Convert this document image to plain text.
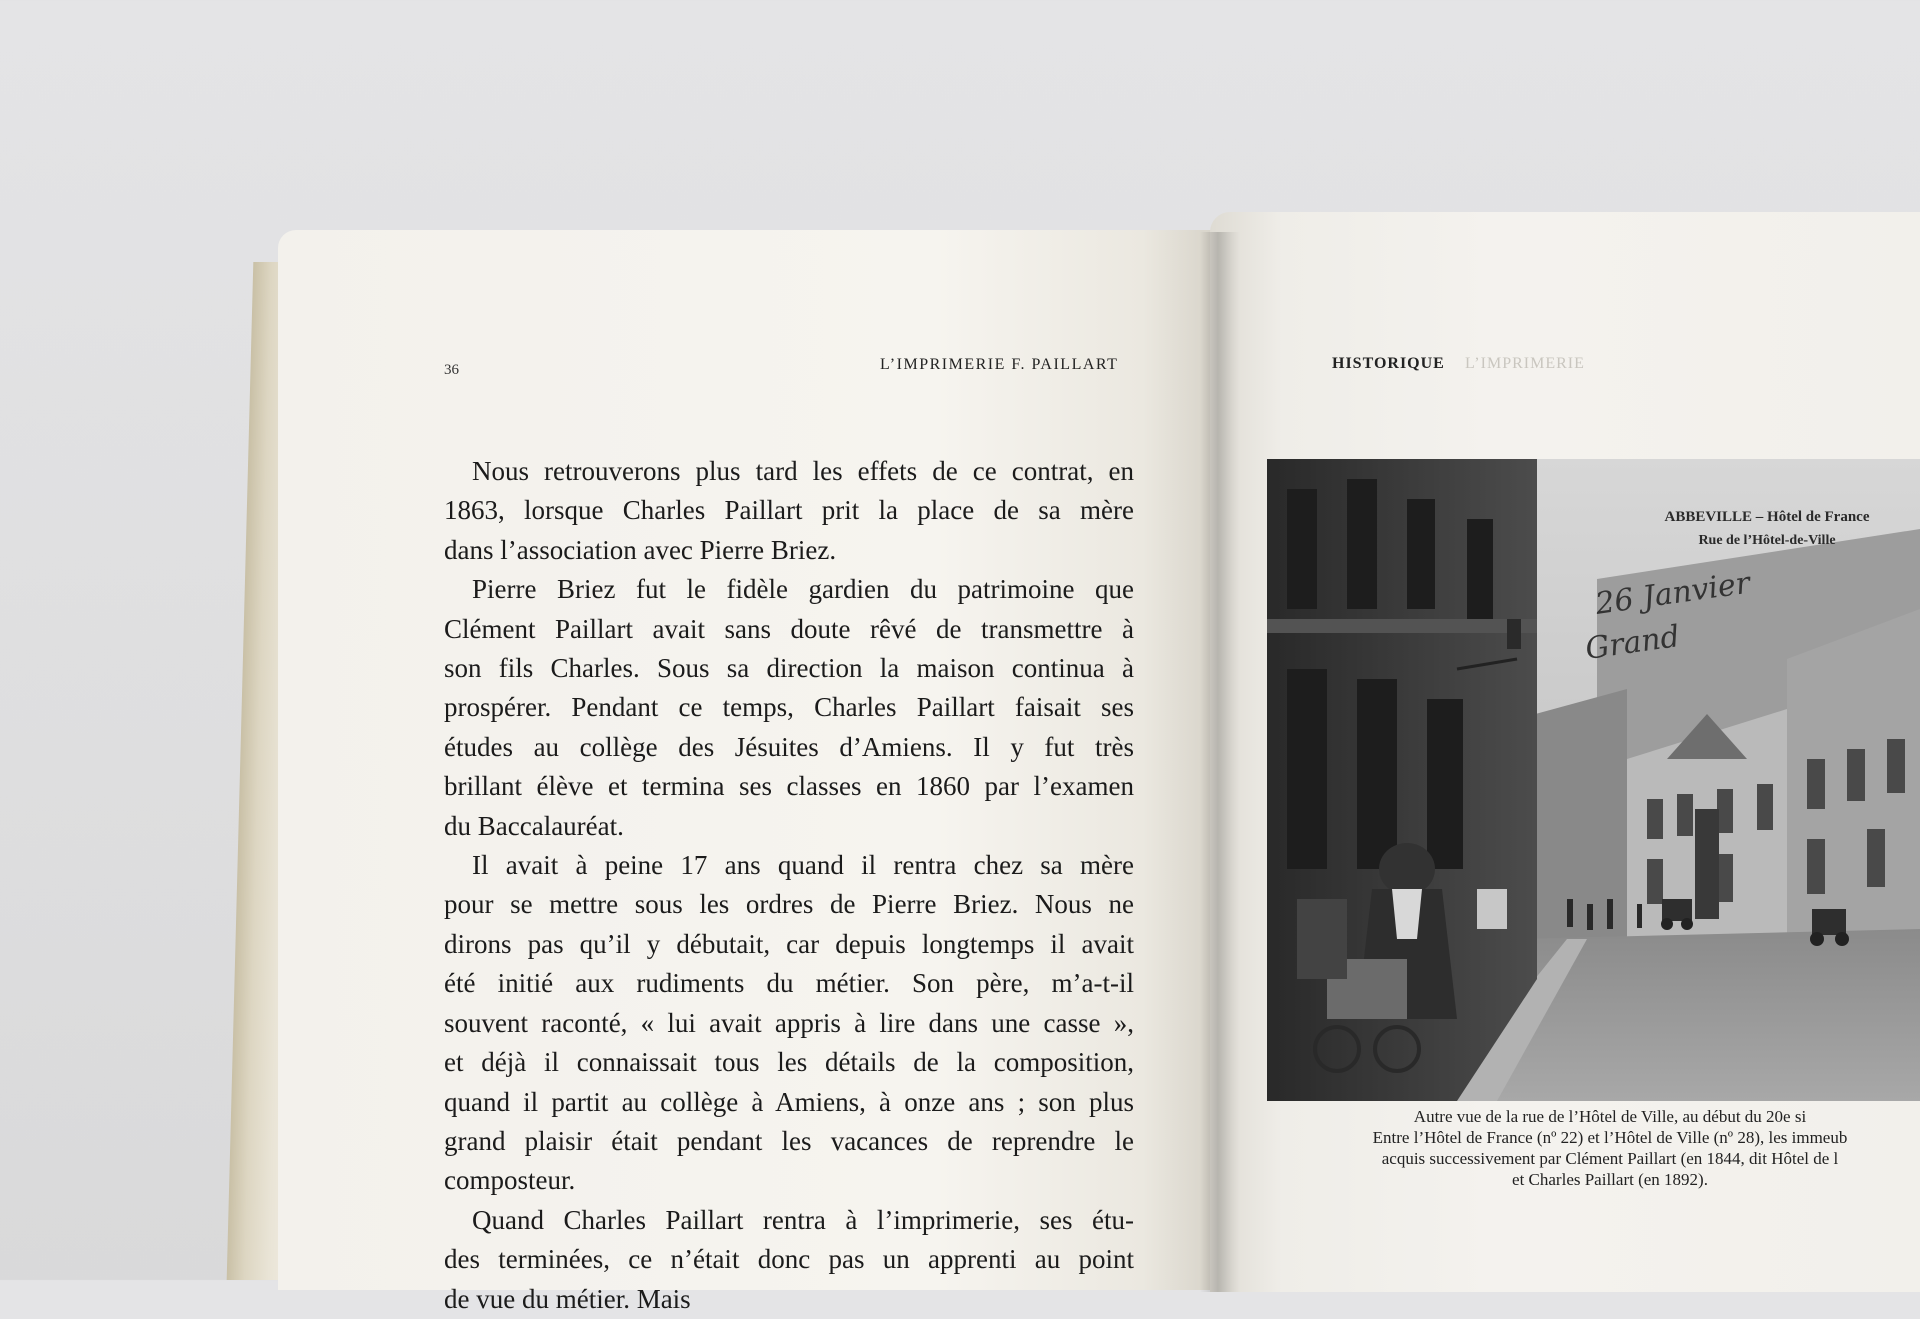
36	L’IMPRIMERIE F. PAILLART	HISTORIQUE L’IMPRIMERIE
Nous retrouverons plus tard les effets de ce contrat, en
1863, lorsque Charles Paillart prit la place de sa mère
dans l’association avec Pierre Briez.
Pierre Briez fut le fidèle gardien du patrimoine que
Clément Paillart avait sans doute rêvé de transmettre à
son fils Charles. Sous sa direction la maison continua à
prospérer. Pendant ce temps, Charles Paillart faisait ses
études au collège des Jésuites d’Amiens. Il y fut très
brillant élève et termina ses classes en 1860 par l’examen
du Baccalauréat.
Il avait à peine 17 ans quand il rentra chez sa mère
pour se mettre sous les ordres de Pierre Briez. Nous ne
dirons pas qu’il y débutait, car depuis longtemps il avait
été initié aux rudiments du métier. Son père, m’a-t-il
souvent raconté, « lui avait appris à lire dans une casse »,
et déjà il connaissait tous les détails de la composition,
quand il partit au collège à Amiens, à onze ans ; son plus
grand plaisir était pendant les vacances de reprendre le
composteur.
Quand Charles Paillart rentra à l’imprimerie, ses étu-
des terminées, ce n’était donc pas un apprenti au point
de vue du métier. Mais
ABBEVILLE – Hôtel de France
Rue de l’Hôtel-de-Ville
26 Janvier
Grand
Autre vue de la rue de l’Hôtel de Ville, au début du 20e si
Entre l’Hôtel de France (nº 22) et l’Hôtel de Ville (nº 28), les immeub
acquis successivement par Clément Paillart (en 1844, dit Hôtel de l
et Charles Paillart (en 1892).
